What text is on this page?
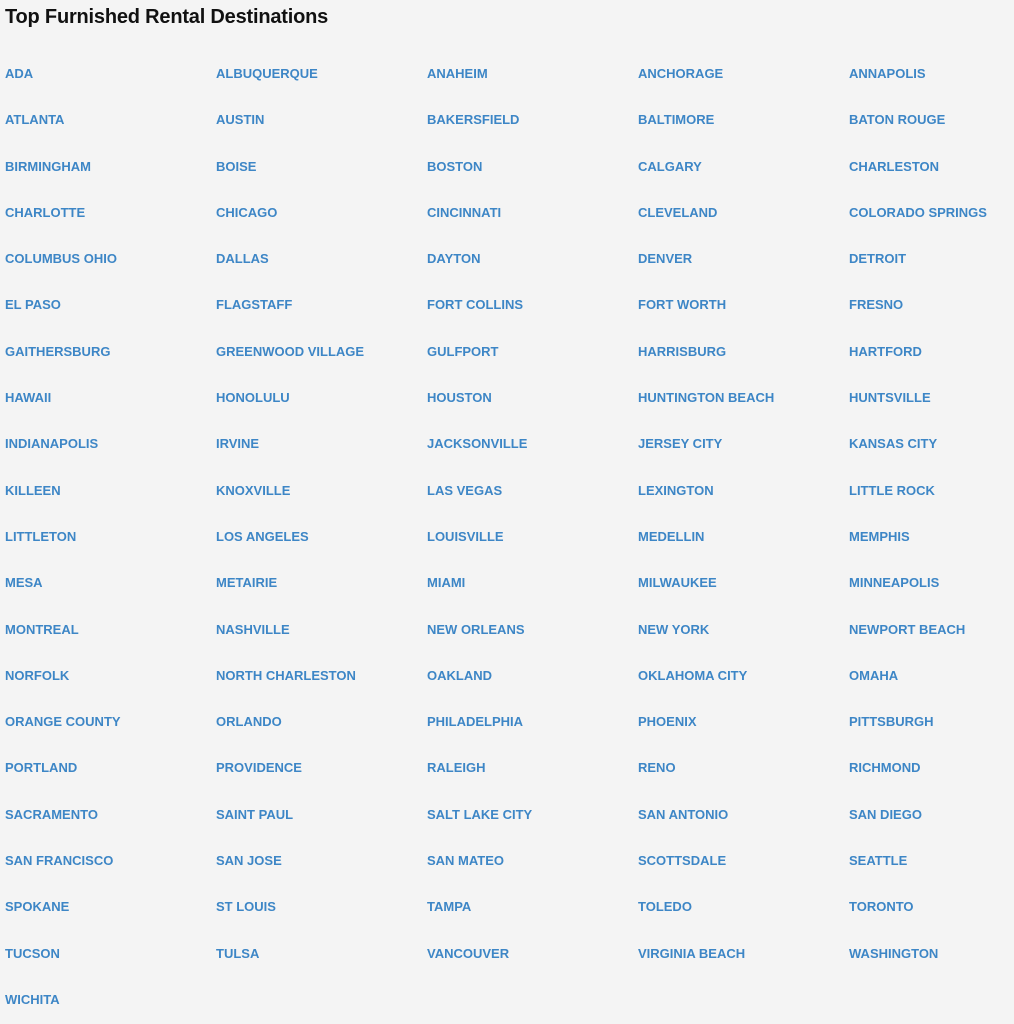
Top Furnished Rental Destinations
ADA	ALBUQUERQUE	ANAHEIM	ANCHORAGE	ANNAPOLIS
ATLANTA	AUSTIN	BAKERSFIELD	BALTIMORE	BATON ROUGE
BIRMINGHAM	BOISE	BOSTON	CALGARY	CHARLESTON
CHARLOTTE	CHICAGO	CINCINNATI	CLEVELAND	COLORADO SPRINGS
COLUMBUS OHIO	DALLAS	DAYTON	DENVER	DETROIT
EL PASO	FLAGSTAFF	FORT COLLINS	FORT WORTH	FRESNO
GAITHERSBURG	GREENWOOD VILLAGE	GULFPORT	HARRISBURG	HARTFORD
HAWAII	HONOLULU	HOUSTON	HUNTINGTON BEACH	HUNTSVILLE
INDIANAPOLIS	IRVINE	JACKSONVILLE	JERSEY CITY	KANSAS CITY
KILLEEN	KNOXVILLE	LAS VEGAS	LEXINGTON	LITTLE ROCK
LITTLETON	LOS ANGELES	LOUISVILLE	MEDELLIN	MEMPHIS
MESA	METAIRIE	MIAMI	MILWAUKEE	MINNEAPOLIS
MONTREAL	NASHVILLE	NEW ORLEANS	NEW YORK	NEWPORT BEACH
NORFOLK	NORTH CHARLESTON	OAKLAND	OKLAHOMA CITY	OMAHA
ORANGE COUNTY	ORLANDO	PHILADELPHIA	PHOENIX	PITTSBURGH
PORTLAND	PROVIDENCE	RALEIGH	RENO	RICHMOND
SACRAMENTO	SAINT PAUL	SALT LAKE CITY	SAN ANTONIO	SAN DIEGO
SAN FRANCISCO	SAN JOSE	SAN MATEO	SCOTTSDALE	SEATTLE
SPOKANE	ST LOUIS	TAMPA	TOLEDO	TORONTO
TUCSON	TULSA	VANCOUVER	VIRGINIA BEACH	WASHINGTON
WICHITA
